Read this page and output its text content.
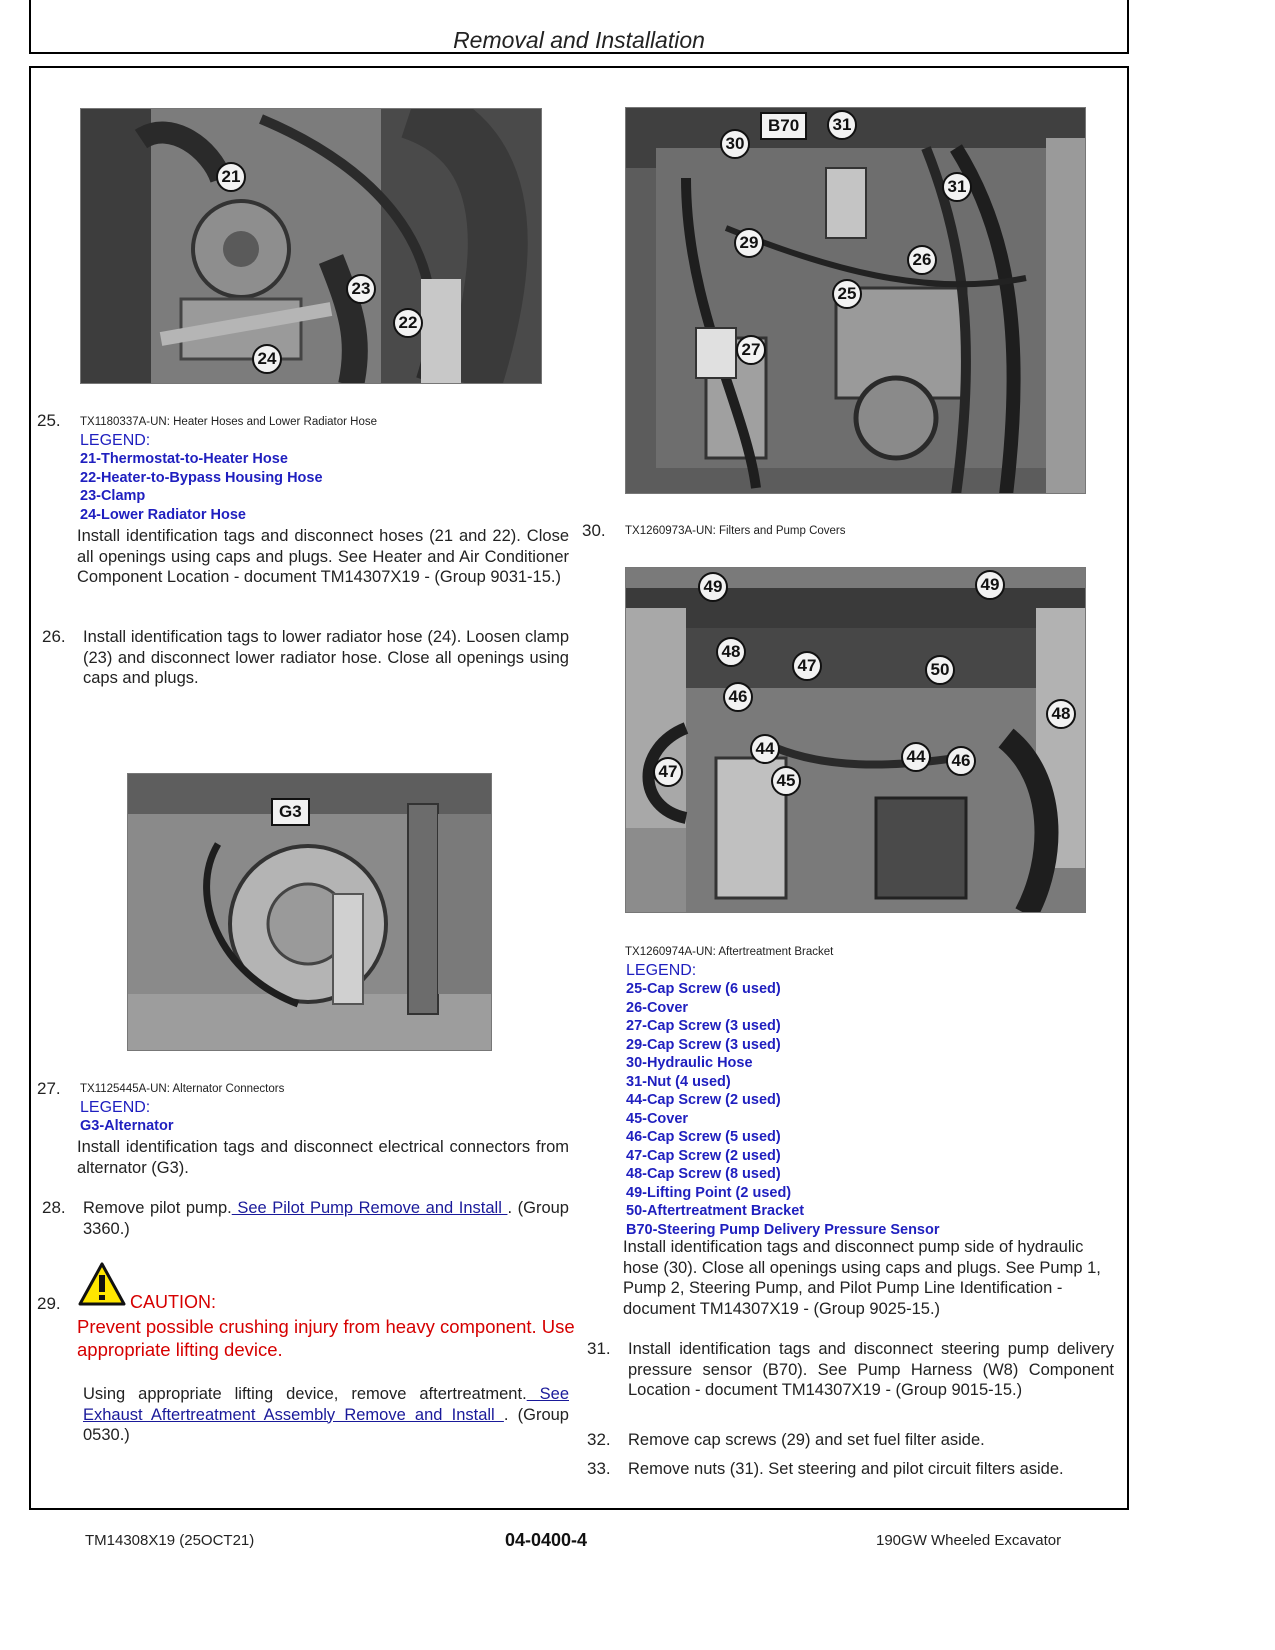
Removal and Installation
21
23
22
24
25. TX1180337A-UN: Heater Hoses and Lower Radiator Hose
LEGEND:
21-Thermostat-to-Heater Hose
22-Heater-to-Bypass Housing Hose
23-Clamp
24-Lower Radiator Hose
Install identification tags and disconnect hoses (21 and 22). Close all openings using caps and plugs. See Heater and Air Conditioner Component Location - document TM14307X19 - (Group 9031-15.)
26. Install identification tags to lower radiator hose (24). Loosen clamp (23) and disconnect lower radiator hose. Close all openings using caps and plugs.
G3
27. TX1125445A-UN: Alternator Connectors
LEGEND:
G3-Alternator
Install identification tags and disconnect electrical connectors from alternator (G3).
28. Remove pilot pump. See Pilot Pump Remove and Install . (Group 3360.)
29.	CAUTION:
Prevent possible crushing injury from heavy component. Use appropriate lifting device.
Using appropriate lifting device, remove aftertreatment. See Exhaust Aftertreatment Assembly Remove and Install . (Group 0530.)
B70	31
30
31
29
26
25
27
30. TX1260973A-UN: Filters and Pump Covers
49	49
48
47	50
46
48
44	44	46
47	45
TX1260974A-UN: Aftertreatment Bracket
LEGEND:
25-Cap Screw (6 used)
26-Cover
27-Cap Screw (3 used)
29-Cap Screw (3 used)
30-Hydraulic Hose
31-Nut (4 used)
44-Cap Screw (2 used)
45-Cover
46-Cap Screw (5 used)
47-Cap Screw (2 used)
48-Cap Screw (8 used)
49-Lifting Point (2 used)
50-Aftertreatment Bracket
B70-Steering Pump Delivery Pressure Sensor
Install identification tags and disconnect pump side of hydraulic hose (30). Close all openings using caps and plugs. See Pump 1, Pump 2, Steering Pump, and Pilot Pump Line Identification - document TM14307X19 - (Group 9025-15.)
31. Install identification tags and disconnect steering pump delivery pressure sensor (B70). See Pump Harness (W8) Component Location - document TM14307X19 - (Group 9015-15.)
32. Remove cap screws (29) and set fuel filter aside.
33. Remove nuts (31). Set steering and pilot circuit filters aside.
TM14308X19 (25OCT21)	04-0400-4	190GW Wheeled Excavator
